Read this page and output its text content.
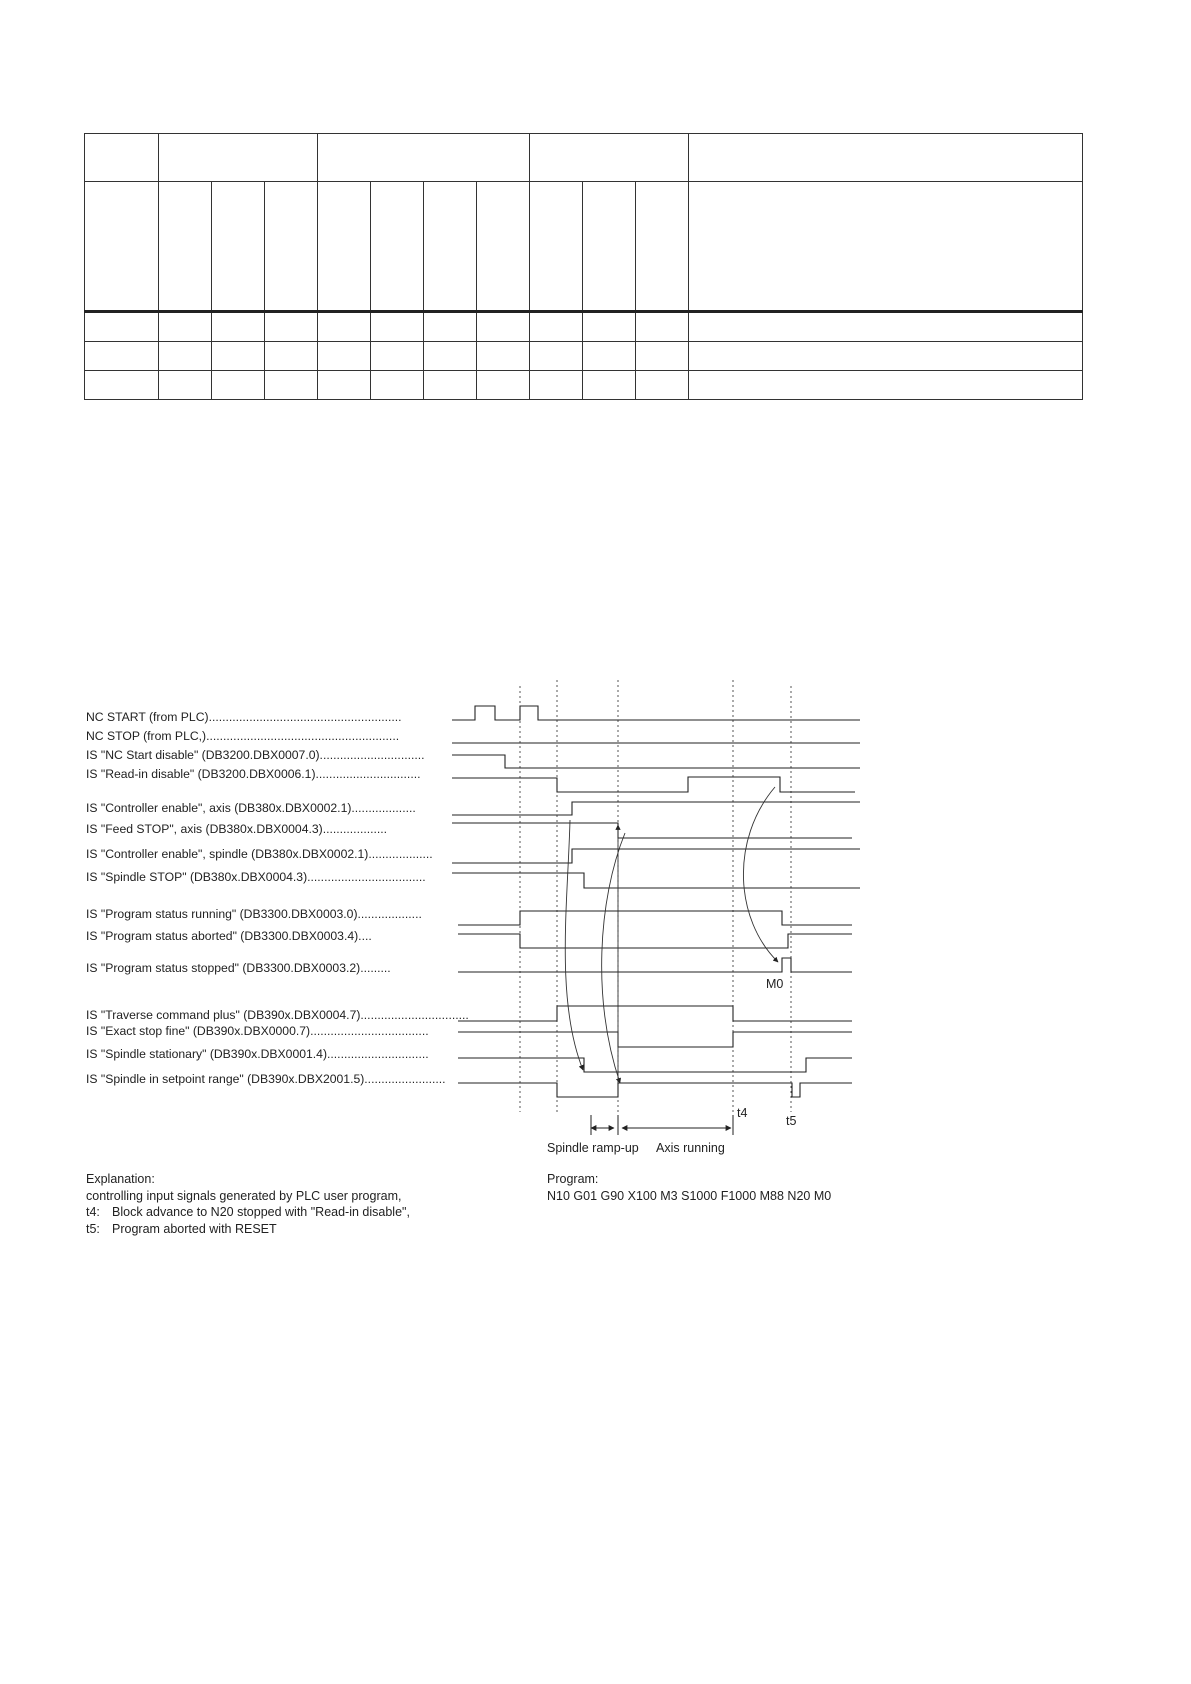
NC START (from PLC).........................................................
NC STOP (from PLC,).........................................................
IS "NC Start disable" (DB3200.DBX0007.0)...............................
IS "Read-in disable" (DB3200.DBX0006.1)...............................
IS "Controller enable", axis (DB380x.DBX0002.1)...................
IS "Feed STOP", axis (DB380x.DBX0004.3)...................
IS "Controller enable", spindle (DB380x.DBX0002.1)...................
IS "Spindle STOP" (DB380x.DBX0004.3)...................................
IS "Program status running" (DB3300.DBX0003.0)...................
IS "Program status aborted" (DB3300.DBX0003.4)....
IS "Program status stopped" (DB3300.DBX0003.2).........
IS "Traverse command plus" (DB390x.DBX0004.7)................................
IS "Exact stop fine" (DB390x.DBX0000.7)...................................
IS "Spindle stationary" (DB390x.DBX0001.4)..............................
IS "Spindle in setpoint range" (DB390x.DBX2001.5)........................
M0
t4
t5
Spindle ramp-up Axis running
Explanation:
controlling input signals generated by PLC user program,
t4: Block advance to N20 stopped with "Read-in disable",
t5: Program aborted with RESET
Program:
N10 G01 G90 X100 M3 S1000 F1000 M88 N20 M0
